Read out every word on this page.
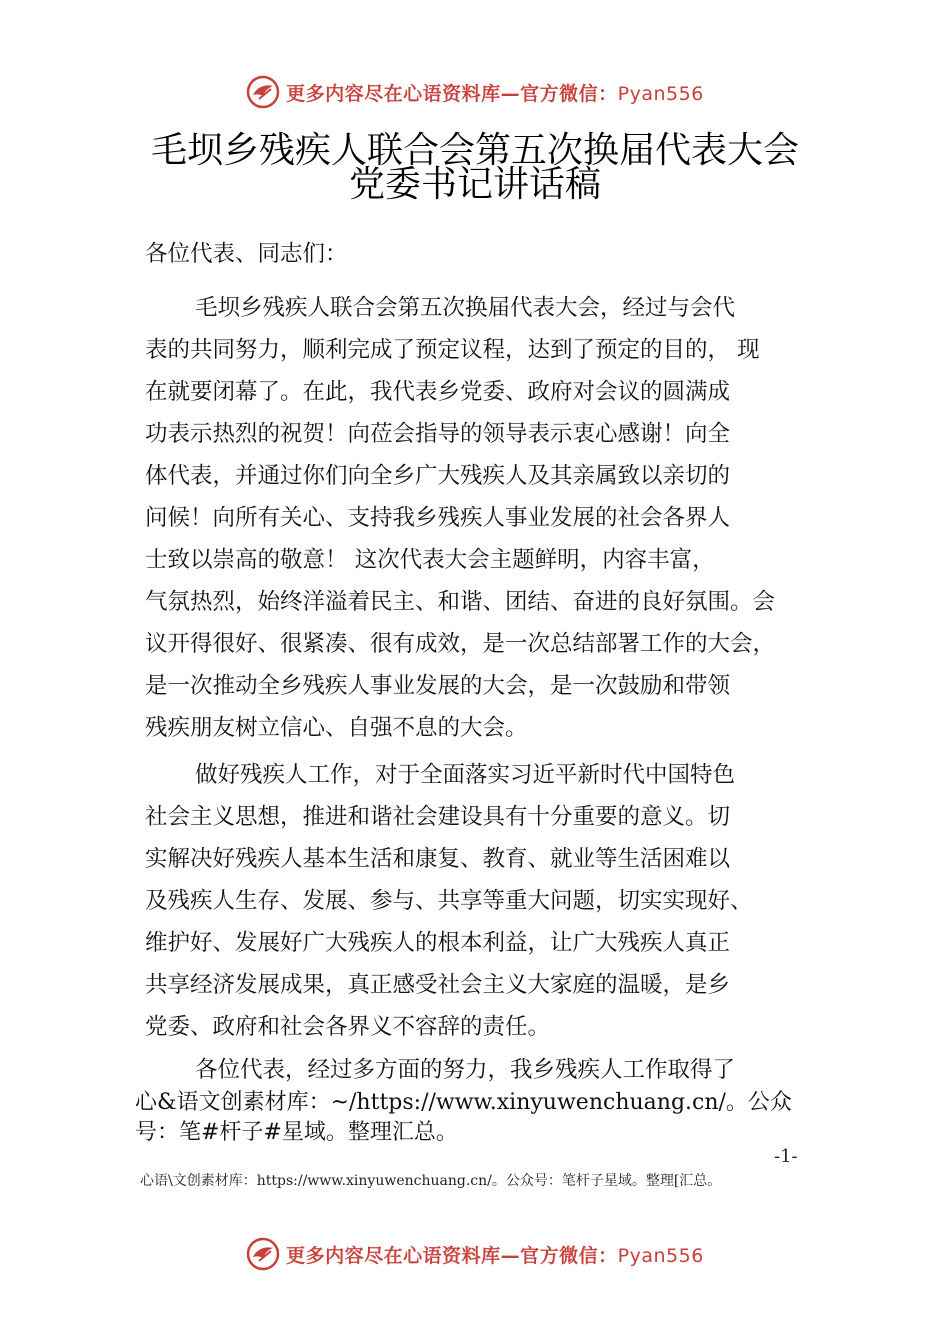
更多内容尽在心语资料库—官方微信：Pyan556
毛坝乡残疾人联合会第五次换届代表大会
党委书记讲话稿
各位代表、同志们：
毛坝乡残疾人联合会第五次换届代表大会，经过与会代
表的共同努力，顺利完成了预定议程，达到了预定的目的， 现
在就要闭幕了。在此，我代表乡党委、政府对会议的圆满成
功表示热烈的祝贺！向莅会指导的领导表示衷心感谢！向全
体代表，并通过你们向全乡广大残疾人及其亲属致以亲切的
问候！向所有关心、支持我乡残疾人事业发展的社会各界人
士致以崇高的敬意！ 这次代表大会主题鲜明，内容丰富，
气氛热烈，始终洋溢着民主、和谐、团结、奋进的良好氛围。会
议开得很好、很紧凑、很有成效，是一次总结部署工作的大会，
是一次推动全乡残疾人事业发展的大会，是一次鼓励和带领
残疾朋友树立信心、自强不息的大会。
做好残疾人工作，对于全面落实习近平新时代中国特色
社会主义思想，推进和谐社会建设具有十分重要的意义。切
实解决好残疾人基本生活和康复、教育、就业等生活困难以
及残疾人生存、发展、参与、共享等重大问题，切实实现好、
维护好、发展好广大残疾人的根本利益，让广大残疾人真正
共享经济发展成果，真正感受社会主义大家庭的温暖，是乡
党委、政府和社会各界义不容辞的责任。
各位代表，经过多方面的努力，我乡残疾人工作取得了
心&语文创素材库：~/https://www.xinyuwenchuang.cn/。公众
号：笔#杆子#星域。整理汇总。
-1-
心语\文创素材库：https://www.xinyuwenchuang.cn/。公众号：笔杆子星域。整理[汇总。
更多内容尽在心语资料库—官方微信：Pyan556
